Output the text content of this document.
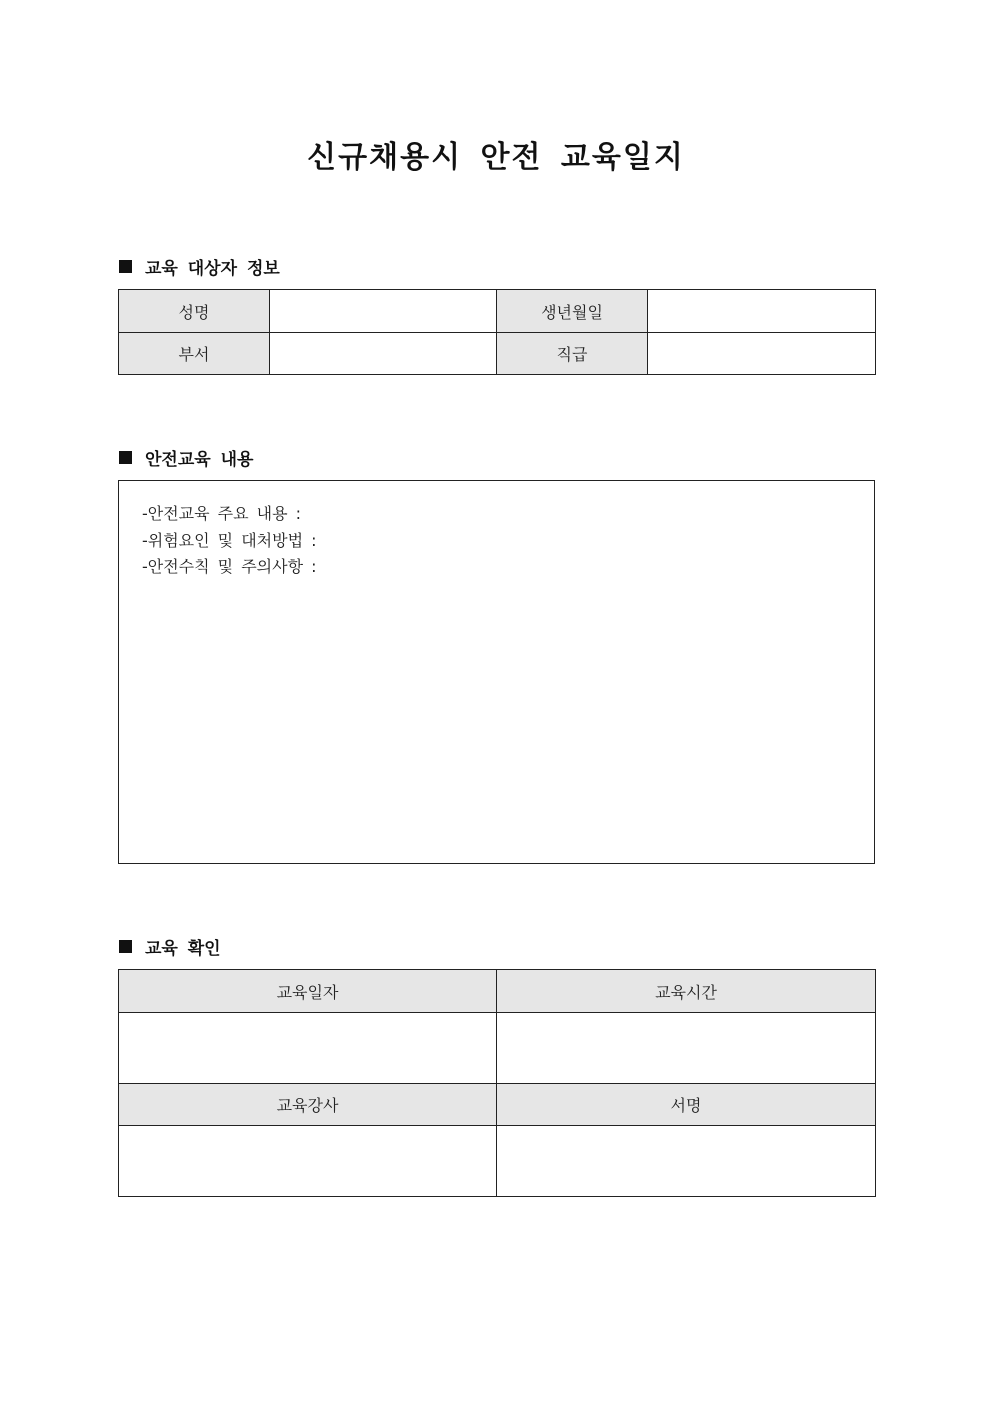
신규채용시 안전 교육일지
교육 대상자 정보
성명		생년월일	
부서		직급	
안전교육 내용
-안전교육 주요 내용 :
-위험요인 및 대처방법 :
-안전수칙 및 주의사항 :
교육 확인
교육일자	교육시간

교육강사	서명
